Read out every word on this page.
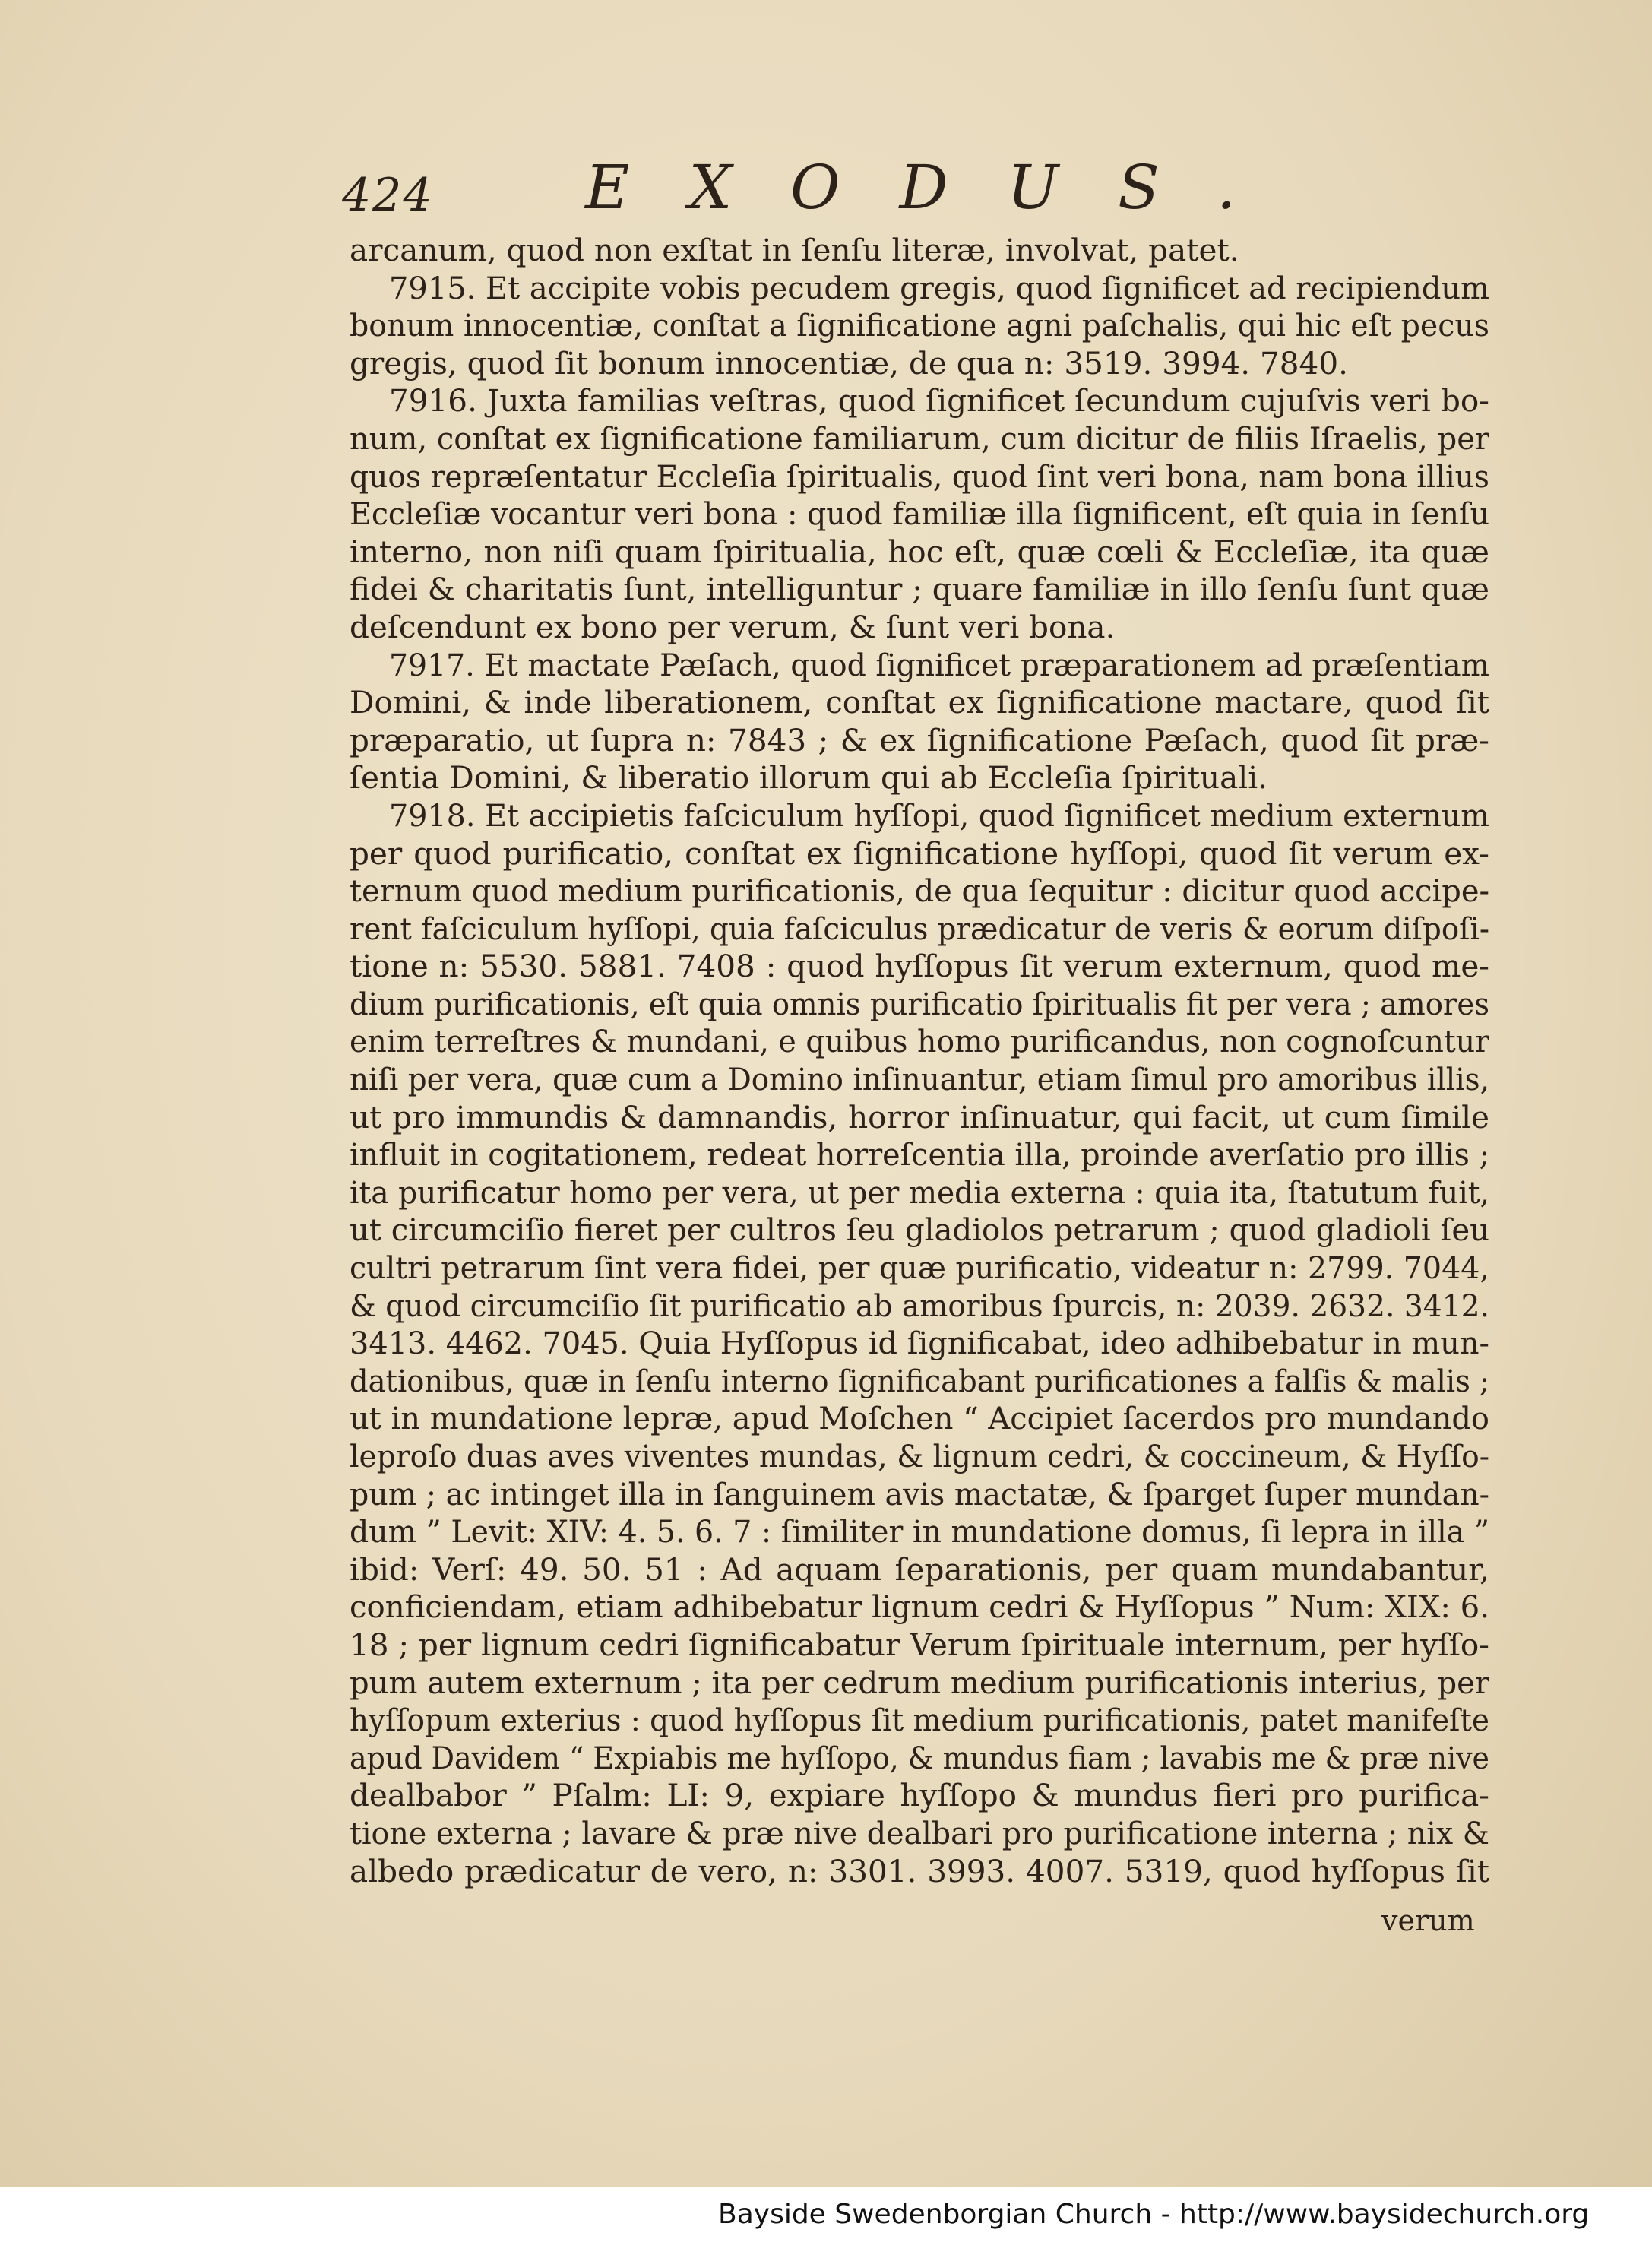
424 EXODUS.
arcanum, quod non exſtat in ſenſu literæ, involvat, patet.
7915. Et accipite vobis pecudem gregis, quod ſignificet ad recipiendum
bonum innocentiæ, conſtat a ſignificatione agni paſchalis, qui hic eſt pecus
gregis, quod ſit bonum innocentiæ, de qua n: 3519. 3994. 7840.
7916. Juxta familias veſtras, quod ſignificet ſecundum cujuſvis veri bo-
num, conſtat ex ſignificatione familiarum, cum dicitur de filiis Iſraelis, per
quos repræſentatur Eccleſia ſpiritualis, quod ſint veri bona, nam bona illius
Eccleſiæ vocantur veri bona : quod familiæ illa ſignificent, eſt quia in ſenſu
interno, non niſi quam ſpiritualia, hoc eſt, quæ cœli & Eccleſiæ, ita quæ
fidei & charitatis ſunt, intelliguntur ; quare familiæ in illo ſenſu ſunt quæ
deſcendunt ex bono per verum, & ſunt veri bona.
7917. Et mactate Pæſach, quod ſignificet præparationem ad præſentiam
Domini, & inde liberationem, conſtat ex ſignificatione mactare, quod ſit
præparatio, ut ſupra n: 7843 ; & ex ſignificatione Pæſach, quod ſit præ-
ſentia Domini, & liberatio illorum qui ab Eccleſia ſpirituali.
7918. Et accipietis faſciculum hyſſopi, quod ſignificet medium externum
per quod purificatio, conſtat ex ſignificatione hyſſopi, quod ſit verum ex-
ternum quod medium purificationis, de qua ſequitur : dicitur quod accipe-
rent faſciculum hyſſopi, quia faſciculus prædicatur de veris & eorum diſpoſi-
tione n: 5530. 5881. 7408 : quod hyſſopus ſit verum externum, quod me-
dium purificationis, eſt quia omnis purificatio ſpiritualis fit per vera ; amores
enim terreſtres & mundani, e quibus homo purificandus, non cognoſcuntur
niſi per vera, quæ cum a Domino inſinuantur, etiam ſimul pro amoribus illis,
ut pro immundis & damnandis, horror inſinuatur, qui facit, ut cum ſimile
influit in cogitationem, redeat horreſcentia illa, proinde averſatio pro illis ;
ita purificatur homo per vera, ut per media externa : quia ita, ſtatutum fuit,
ut circumciſio fieret per cultros ſeu gladiolos petrarum ; quod gladioli ſeu
cultri petrarum ſint vera fidei, per quæ purificatio, videatur n: 2799. 7044,
& quod circumciſio ſit purificatio ab amoribus ſpurcis, n: 2039. 2632. 3412.
3413. 4462. 7045. Quia Hyſſopus id ſignificabat, ideo adhibebatur in mun-
dationibus, quæ in ſenſu interno ſignificabant purificationes a falſis & malis ;
ut in mundatione lepræ, apud Moſchen “ Accipiet ſacerdos pro mundando
leproſo duas aves viventes mundas, & lignum cedri, & coccineum, & Hyſſo-
pum ; ac intinget illa in ſanguinem avis mactatæ, & ſparget ſuper mundan-
dum ” Levit: XIV: 4. 5. 6. 7 : ſimiliter in mundatione domus, ſi lepra in illa ”
ibid: Verſ: 49. 50. 51 : Ad aquam ſeparationis, per quam mundabantur,
conficiendam, etiam adhibebatur lignum cedri & Hyſſopus ” Num: XIX: 6.
18 ; per lignum cedri ſignificabatur Verum ſpirituale internum, per hyſſo-
pum autem externum ; ita per cedrum medium purificationis interius, per
hyſſopum exterius : quod hyſſopus ſit medium purificationis, patet manifeſte
apud Davidem “ Expiabis me hyſſopo, & mundus fiam ; lavabis me & præ nive
dealbabor ” Pſalm: LI: 9, expiare hyſſopo & mundus fieri pro purifica-
tione externa ; lavare & præ nive dealbari pro purificatione interna ; nix &
albedo prædicatur de vero, n: 3301. 3993. 4007. 5319, quod hyſſopus ſit
verum
Bayside Swedenborgian Church - http://www.baysidechurch.org
